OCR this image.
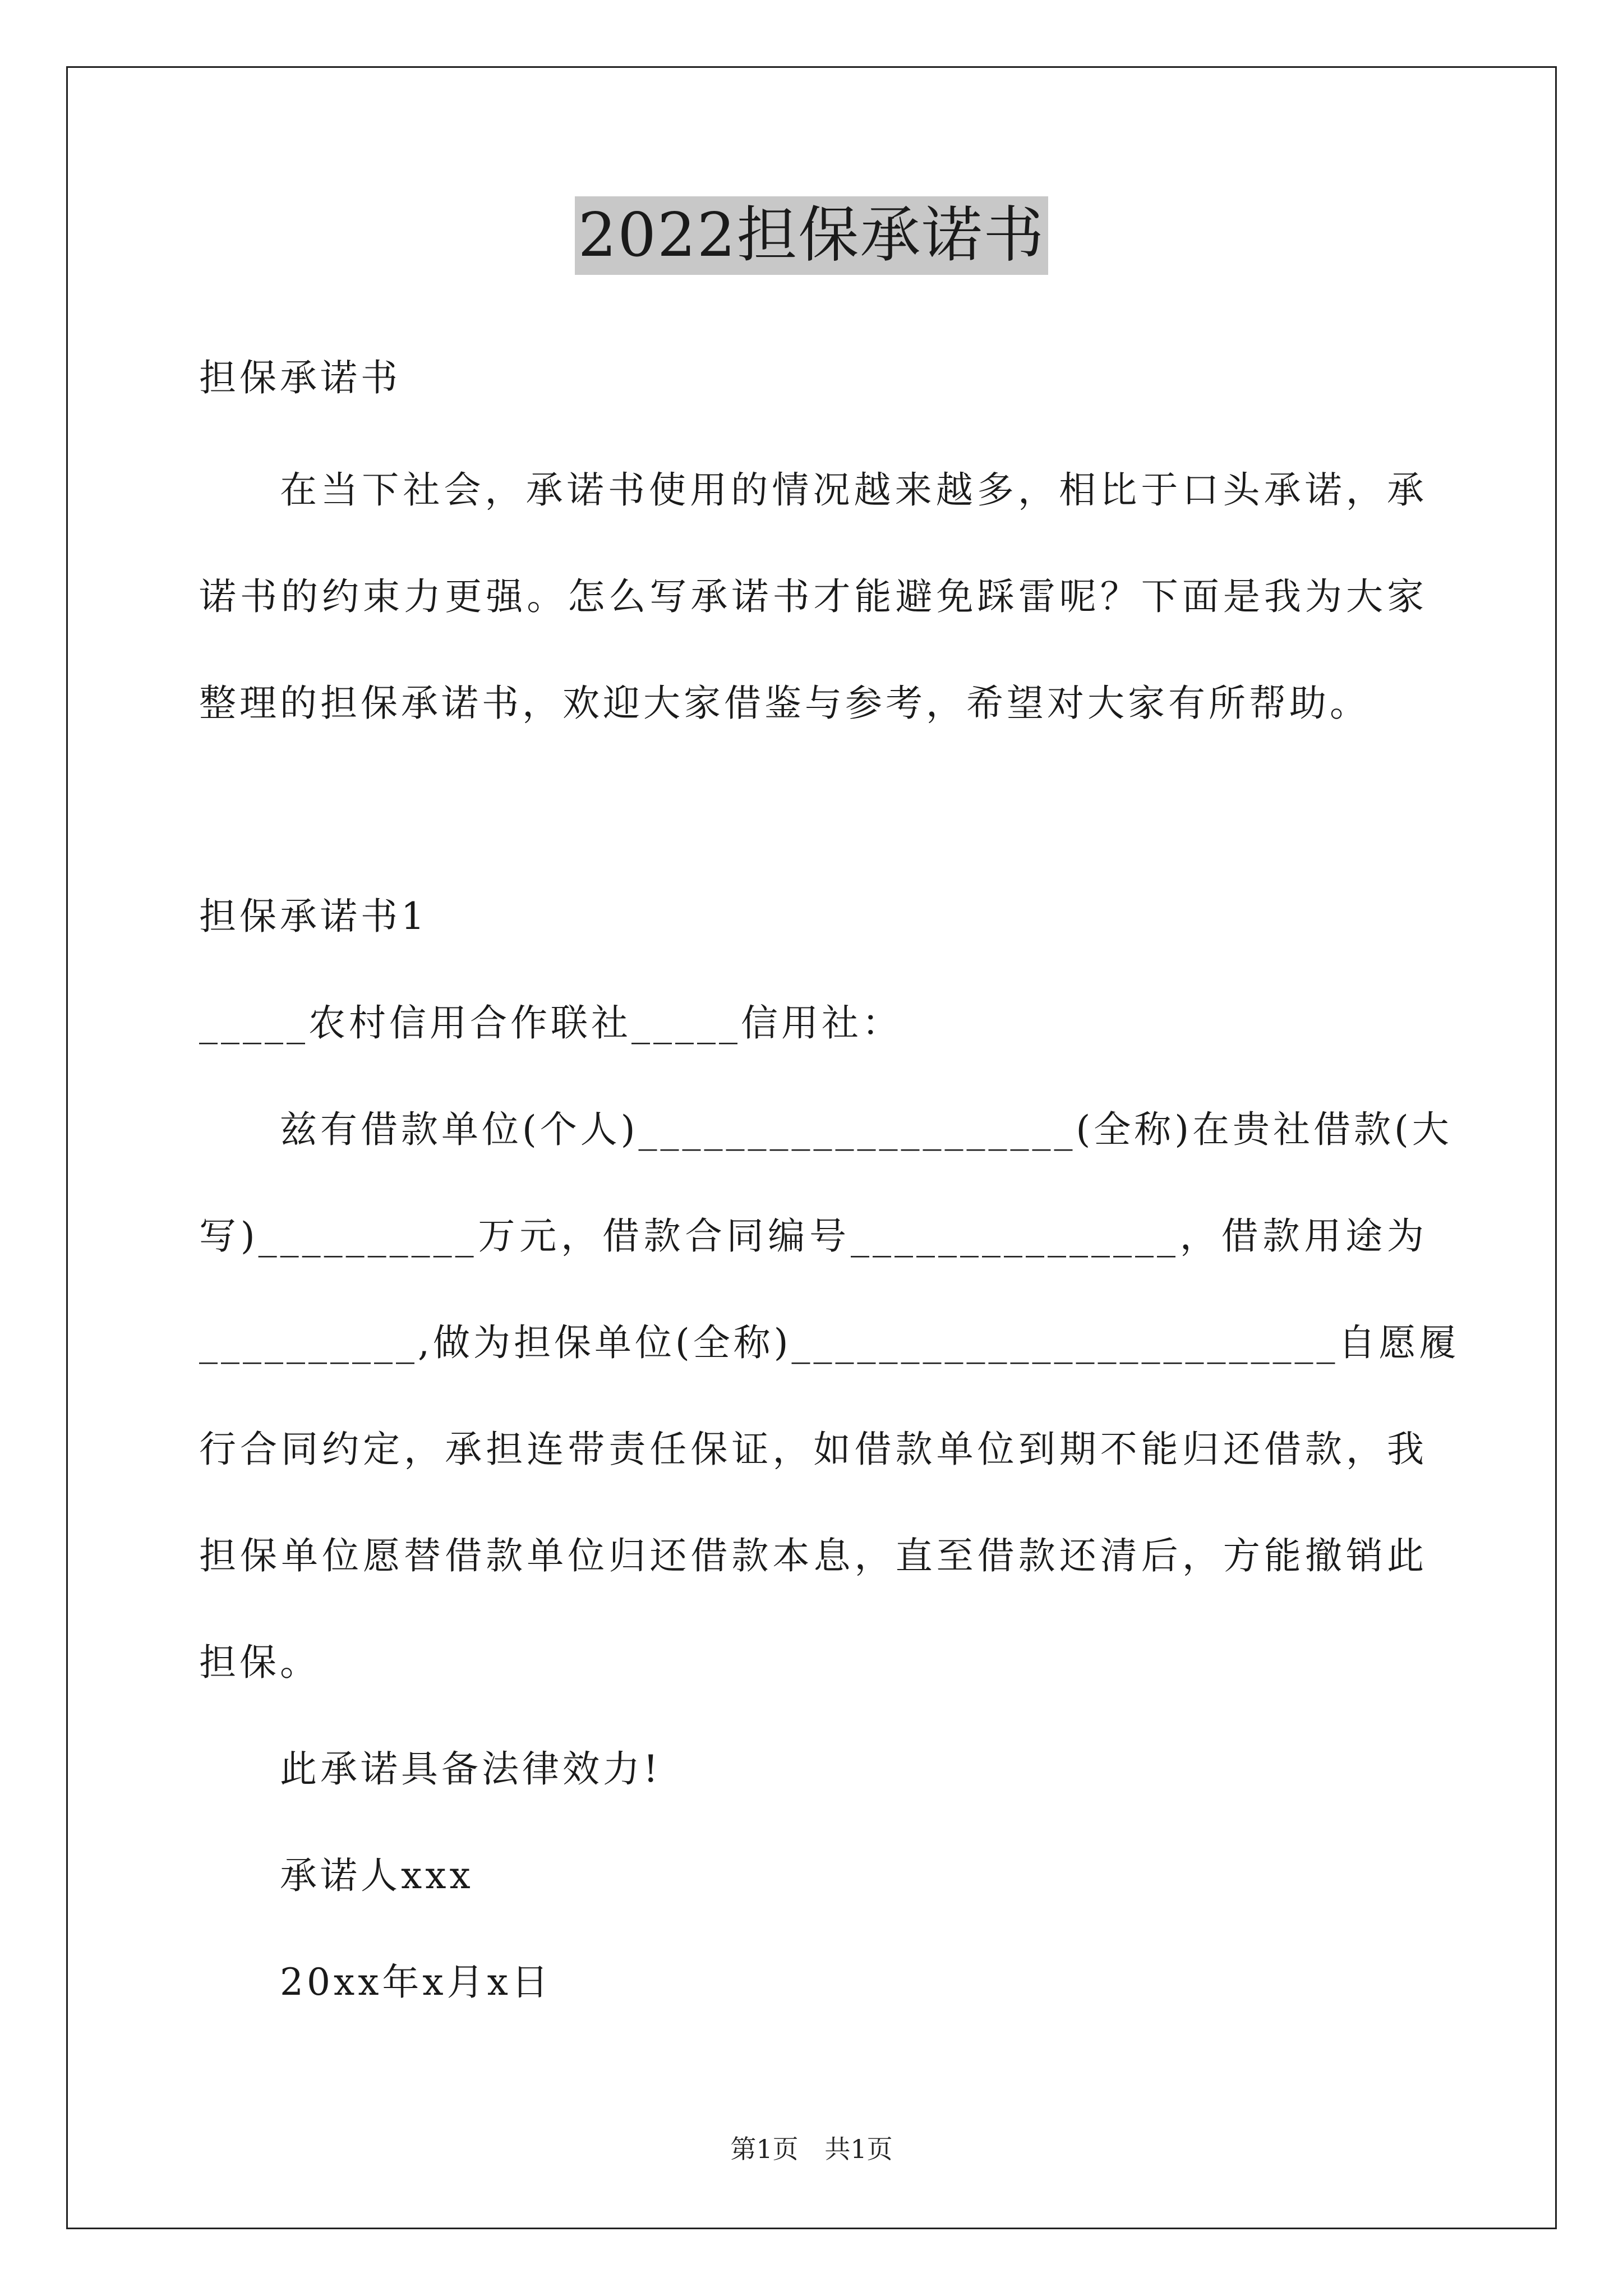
2022担保承诺书
担保承诺书
在当下社会，承诺书使用的情况越来越多，相比于口头承诺，承
诺书的约束力更强。怎么写承诺书才能避免踩雷呢？下面是我为大家
整理的担保承诺书，欢迎大家借鉴与参考，希望对大家有所帮助。
担保承诺书1
_____农村信用合作联社_____信用社：
兹有借款单位(个人)____________________(全称)在贵社借款(大
写)__________万元，借款合同编号_______________，借款用途为
__________,做为担保单位(全称)_________________________自愿履
行合同约定，承担连带责任保证，如借款单位到期不能归还借款，我
担保单位愿替借款单位归还借款本息，直至借款还清后，方能撤销此
担保。
此承诺具备法律效力!
承诺人xxx
20xx年x月x日
第1页 共1页
